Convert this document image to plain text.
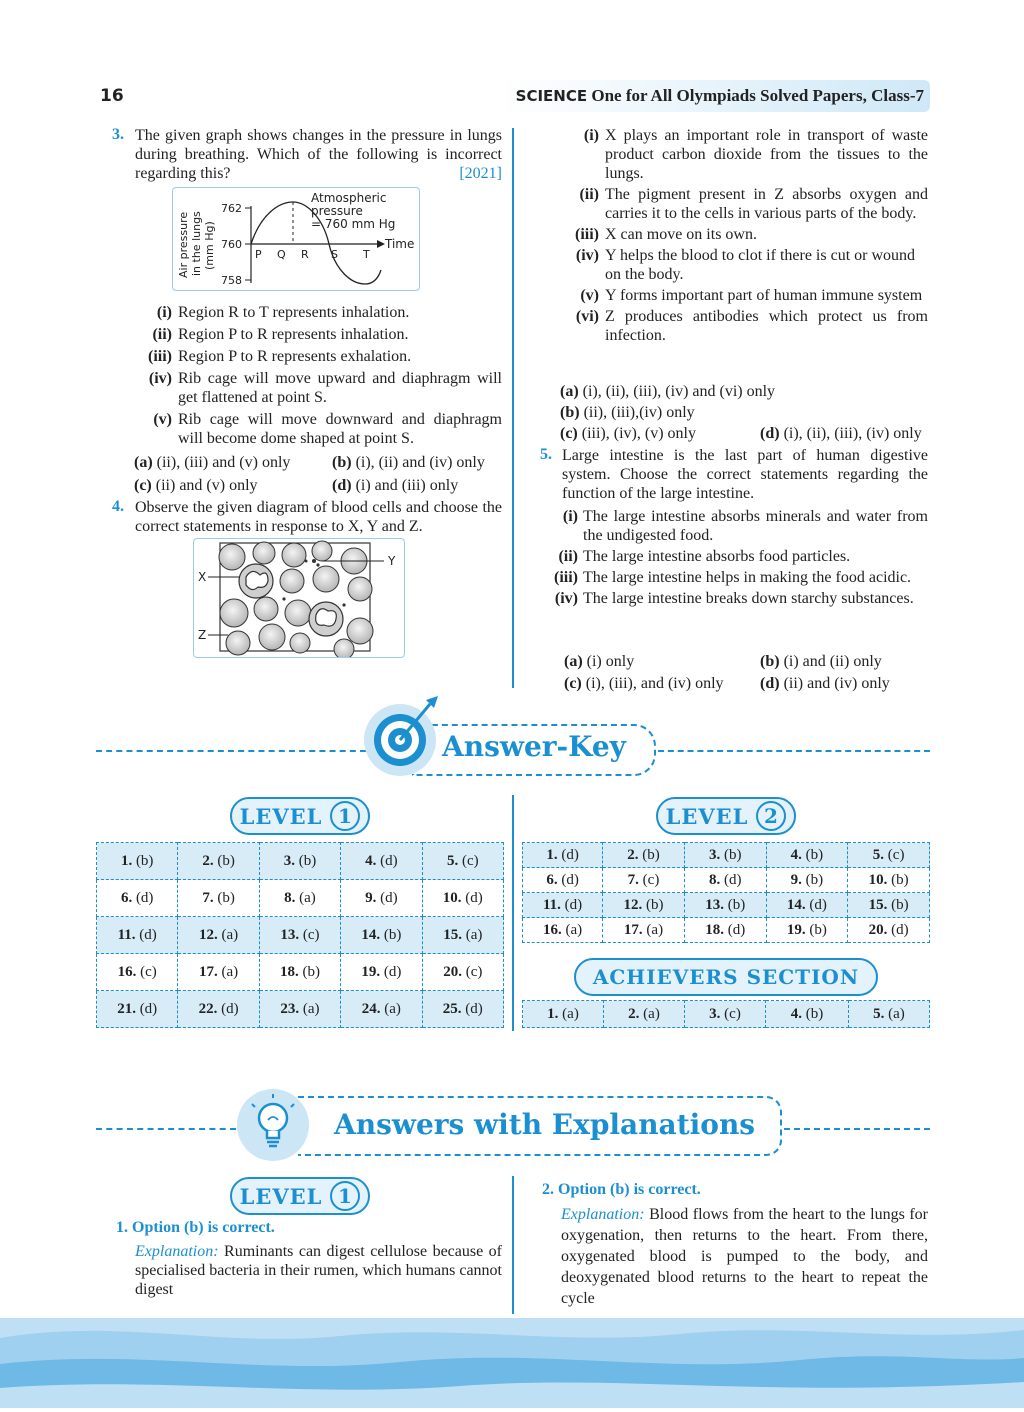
16	SCIENCE One for All Olympiads Solved Papers, Class-7
3. The given graph shows changes in the pressure in lungs during breathing. Which of the following is incorrect regarding this?	[2021]
Air pressure in the lungs (mm Hg)
762
760
758
Time
P Q R S T
Atmospheric pressure = 760 mm Hg
(i) Region R to T represents inhalation.
(ii) Region P to R represents inhalation.
(iii) Region P to R represents exhalation.
(iv) Rib cage will move upward and diaphragm will get flattened at point S.
(v) Rib cage will move downward and diaphragm will become dome shaped at point S.
(a) (ii), (iii) and (v) only	(b) (i), (ii) and (iv) only
(c) (ii) and (v) only	(d) (i) and (iii) only
4. Observe the given diagram of blood cells and choose the correct statements in response to X, Y and Z.

X
Y
Z
(i) X plays an important role in transport of waste product carbon dioxide from the tissues to the lungs.
(ii) The pigment present in Z absorbs oxygen and carries it to the cells in various parts of the body.
(iii) X can move on its own.
(iv) Y helps the blood to clot if there is cut or wound on the body.
(v) Y forms important part of human immune system
(vi) Z produces antibodies which protect us from infection.
(a) (i), (ii), (iii), (iv) and (vi) only
(b) (ii), (iii),(iv) only
(c) (iii), (iv), (v) only	(d) (i), (ii), (iii), (iv) only
5. Large intestine is the last part of human digestive system. Choose the correct statements regarding the function of the large intestine.

(i) The large intestine absorbs minerals and water from the undigested food.
(ii) The large intestine absorbs food particles.
(iii) The large intestine helps in making the food acidic.
(iv) The large intestine breaks down starchy substances.
(a) (i) only	(b) (i) and (ii) only
(c) (i), (iii), and (iv) only	(d) (ii) and (iv) only
Answer-Key
LEVEL 1
1. (b)	2. (b)	3. (b)	4. (d)	5. (c)
6. (d)	7. (b)	8. (a)	9. (d)	10. (d)
11. (d)	12. (a)	13. (c)	14. (b)	15. (a)
16. (c)	17. (a)	18. (b)	19. (d)	20. (c)
21. (d)	22. (d)	23. (a)	24. (a)	25. (d)
LEVEL 2
1. (d)	2. (b)	3. (b)	4. (b)	5. (c)
6. (d)	7. (c)	8. (d)	9. (b)	10. (b)
11. (d)	12. (b)	13. (b)	14. (d)	15. (b)
16. (a)	17. (a)	18. (d)	19. (b)	20. (d)
ACHIEVERS SECTION
1. (a)	2. (a)	3. (c)	4. (b)	5. (a)
Answers with Explanations
LEVEL 1
1. Option (b) is correct.

Explanation: Ruminants can digest cellulose because of specialised bacteria in their rumen, which humans cannot digest

2. Option (b) is correct.

Explanation: Blood flows from the heart to the lungs for oxygenation, then returns to the heart. From there, oxygenated blood is pumped to the body, and deoxygenated blood returns to the heart to repeat the cycle
